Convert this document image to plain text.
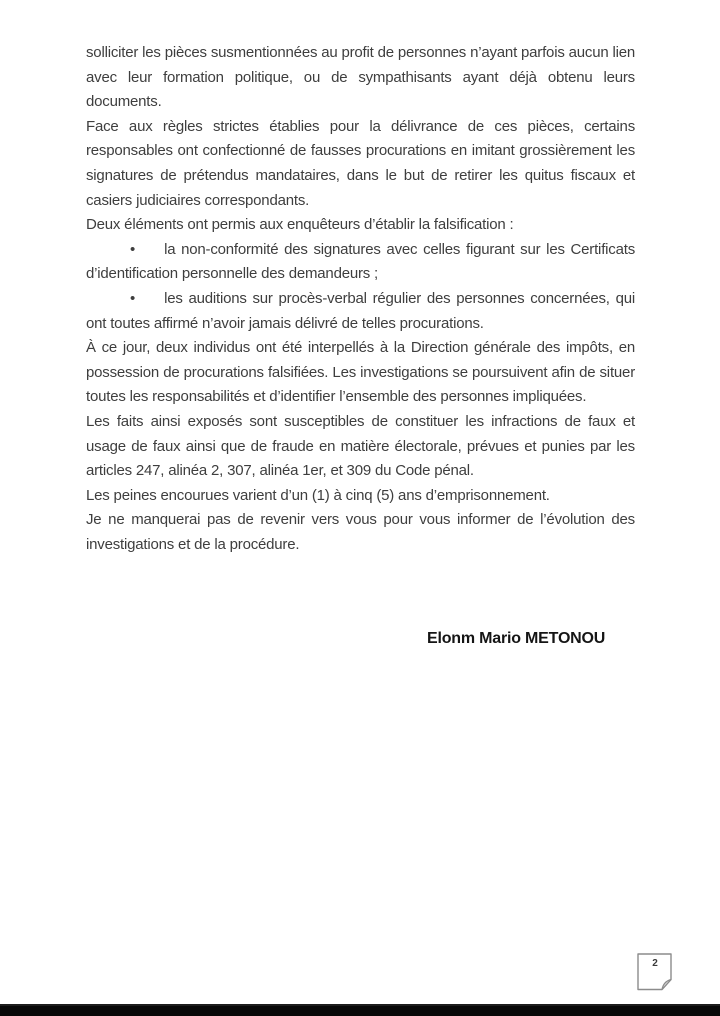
solliciter les pièces susmentionnées au profit de personnes n’ayant parfois aucun lien avec leur formation politique, ou de sympathisants ayant déjà obtenu leurs documents.

Face aux règles strictes établies pour la délivrance de ces pièces, certains responsables ont confectionné de fausses procurations en imitant grossièrement les signatures de prétendus mandataires, dans le but de retirer les quitus fiscaux et casiers judiciaires correspondants.

Deux éléments ont permis aux enquêteurs d’établir la falsification :

• la non-conformité des signatures avec celles figurant sur les Certificats d’identification personnelle des demandeurs ;

• les auditions sur procès-verbal régulier des personnes concernées, qui ont toutes affirmé n’avoir jamais délivré de telles procurations.

À ce jour, deux individus ont été interpellés à la Direction générale des impôts, en possession de procurations falsifiées. Les investigations se poursuivent afin de situer toutes les responsabilités et d’identifier l’ensemble des personnes impliquées.

Les faits ainsi exposés sont susceptibles de constituer les infractions de faux et usage de faux ainsi que de fraude en matière électorale, prévues et punies par les articles 247, alinéa 2, 307, alinéa 1er, et 309 du Code pénal.

Les peines encourues varient d’un (1) à cinq (5) ans d’emprisonnement.

Je ne manquerai pas de revenir vers vous pour vous informer de l’évolution des investigations et de la procédure.

Elonm Mario METONOU
2
